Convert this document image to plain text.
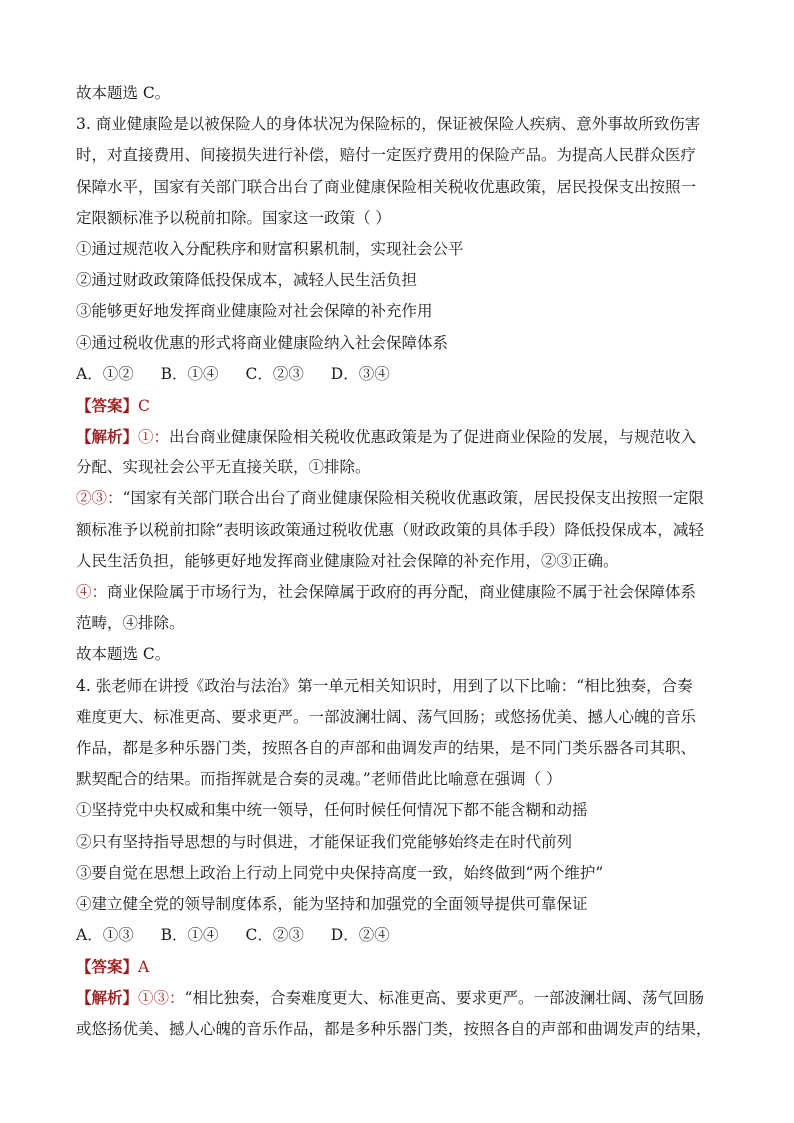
故本题选 C。
3. 商业健康险是以被保险人的身体状况为保险标的，保证被保险人疾病、意外事故所致伤害
时，对直接费用、间接损失进行补偿，赔付一定医疗费用的保险产品。为提高人民群众医疗
保障水平，国家有关部门联合出台了商业健康保险相关税收优惠政策，居民投保支出按照一
定限额标准予以税前扣除。国家这一政策（ ）
①通过规范收入分配秩序和财富积累机制，实现社会公平
②通过财政政策降低投保成本，减轻人民生活负担
③能够更好地发挥商业健康险对社会保障的补充作用
④通过税收优惠的形式将商业健康险纳入社会保障体系
A．①② B．①④ C．②③ D．③④
【答案】C
【解析】①：出台商业健康保险相关税收优惠政策是为了促进商业保险的发展，与规范收入
分配、实现社会公平无直接关联，①排除。
②③：“国家有关部门联合出台了商业健康保险相关税收优惠政策，居民投保支出按照一定限
额标准予以税前扣除”表明该政策通过税收优惠（财政政策的具体手段）降低投保成本，减轻
人民生活负担，能够更好地发挥商业健康险对社会保障的补充作用，②③正确。
④：商业保险属于市场行为，社会保障属于政府的再分配，商业健康险不属于社会保障体系
范畴，④排除。
故本题选 C。
4. 张老师在讲授《政治与法治》第一单元相关知识时，用到了以下比喻：“相比独奏，合奏
难度更大、标准更高、要求更严。一部波澜壮阔、荡气回肠；或悠扬优美、撼人心魄的音乐
作品，都是多种乐器门类，按照各自的声部和曲调发声的结果，是不同门类乐器各司其职、
默契配合的结果。而指挥就是合奏的灵魂。”老师借此比喻意在强调（ ）
①坚持党中央权威和集中统一领导，任何时候任何情况下都不能含糊和动摇
②只有坚持指导思想的与时俱进，才能保证我们党能够始终走在时代前列
③要自觉在思想上政治上行动上同党中央保持高度一致，始终做到“两个维护”
④建立健全党的领导制度体系，能为坚持和加强党的全面领导提供可靠保证
A．①③ B．①④ C．②③ D．②④
【答案】A
【解析】①③：“相比独奏，合奏难度更大、标准更高、要求更严。一部波澜壮阔、荡气回肠
或悠扬优美、撼人心魄的音乐作品，都是多种乐器门类，按照各自的声部和曲调发声的结果，
